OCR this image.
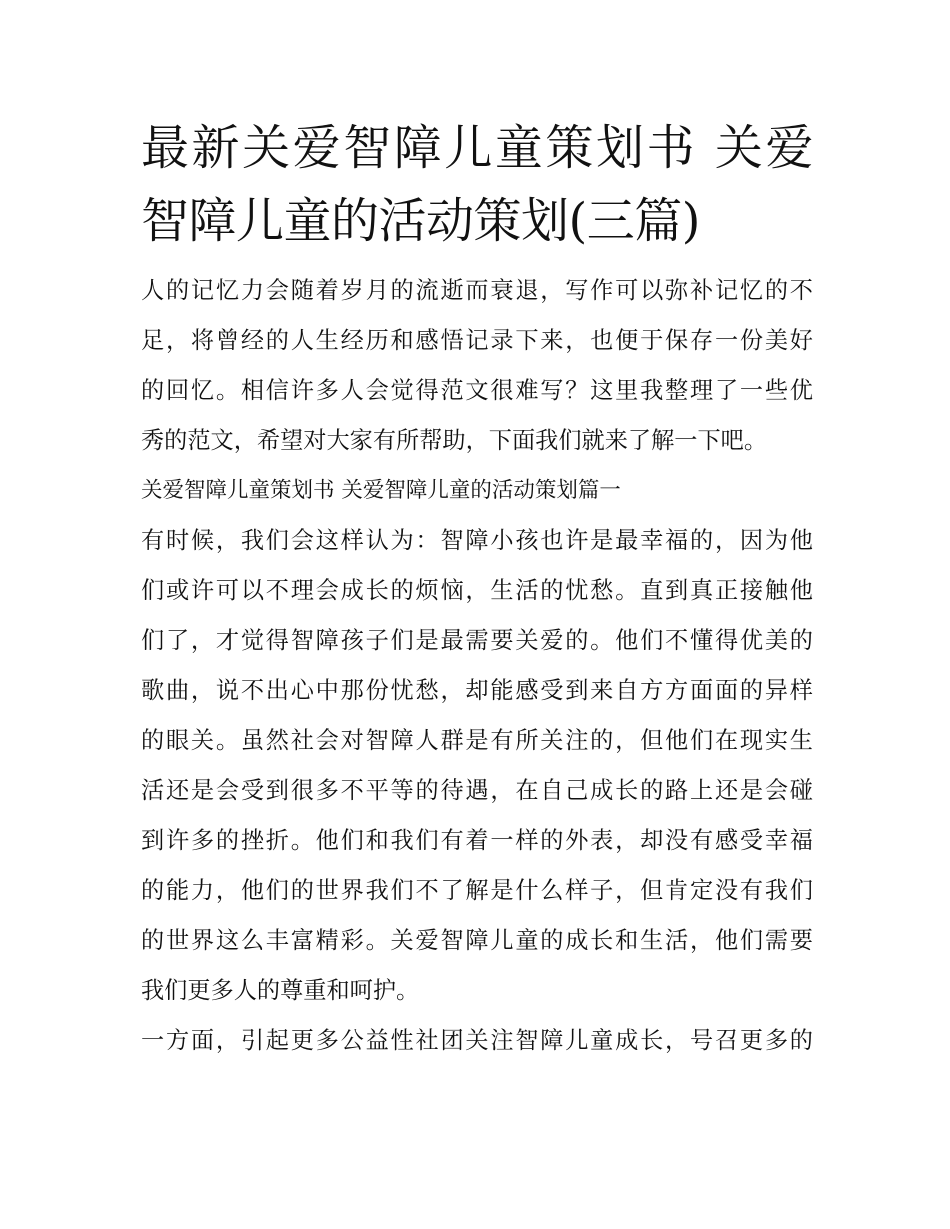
最新关爱智障儿童策划书 关爱
智障儿童的活动策划(三篇)

人的记忆力会随着岁月的流逝而衰退，写作可以弥补记忆的不
足，将曾经的人生经历和感悟记录下来，也便于保存一份美好
的回忆。相信许多人会觉得范文很难写？这里我整理了一些优
秀的范文，希望对大家有所帮助，下面我们就来了解一下吧。

关爱智障儿童策划书 关爱智障儿童的活动策划篇一

有时候，我们会这样认为：智障小孩也许是最幸福的，因为他
们或许可以不理会成长的烦恼，生活的忧愁。直到真正接触他
们了，才觉得智障孩子们是最需要关爱的。他们不懂得优美的
歌曲，说不出心中那份忧愁，却能感受到来自方方面面的异样
的眼关。虽然社会对智障人群是有所关注的，但他们在现实生
活还是会受到很多不平等的待遇，在自己成长的路上还是会碰
到许多的挫折。他们和我们有着一样的外表，却没有感受幸福
的能力，他们的世界我们不了解是什么样子，但肯定没有我们
的世界这么丰富精彩。关爱智障儿童的成长和生活，他们需要
我们更多人的尊重和呵护。

一方面，引起更多公益性社团关注智障儿童成长，号召更多的
